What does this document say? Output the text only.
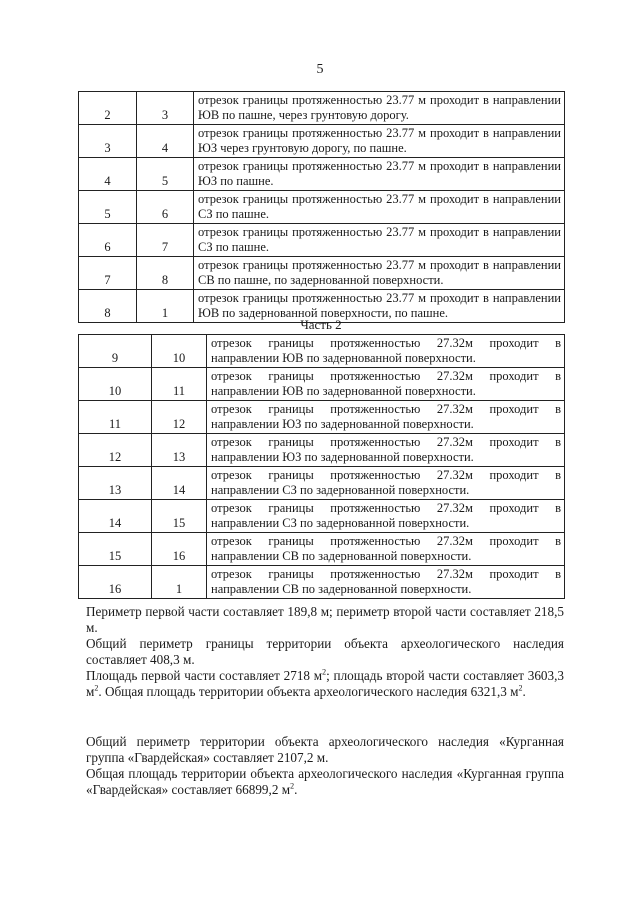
5
2	3	отрезок границы протяженностью 23.77 м проходит в направлении ЮВ по пашне, через грунтовую дорогу.
3	4	отрезок границы протяженностью 23.77 м проходит в направлении ЮЗ через грунтовую дорогу, по пашне.
4	5	отрезок границы протяженностью 23.77 м проходит в направлении ЮЗ по пашне.
5	6	отрезок границы протяженностью 23.77 м проходит в направлении СЗ по пашне.
6	7	отрезок границы протяженностью 23.77 м проходит в направлении СЗ по пашне.
7	8	отрезок границы протяженностью 23.77 м проходит в направлении СВ по пашне, по задернованной поверхности.
8	1	отрезок границы протяженностью 23.77 м проходит в направлении ЮВ по задернованной поверхности, по пашне.
Часть 2
9	10	отрезок границы протяженностью 27.32м проходит в направлении ЮВ по задернованной поверхности.
10	11	отрезок границы протяженностью 27.32м проходит в направлении ЮВ по задернованной поверхности.
11	12	отрезок границы протяженностью 27.32м проходит в направлении ЮЗ по задернованной поверхности.
12	13	отрезок границы протяженностью 27.32м проходит в направлении ЮЗ по задернованной поверхности.
13	14	отрезок границы протяженностью 27.32м проходит в направлении СЗ по задернованной поверхности.
14	15	отрезок границы протяженностью 27.32м проходит в направлении СЗ по задернованной поверхности.
15	16	отрезок границы протяженностью 27.32м проходит в направлении СВ по задернованной поверхности.
16	1	отрезок границы протяженностью 27.32м проходит в направлении СВ по задернованной поверхности.

Периметр первой части составляет 189,8 м; периметр второй части составляет 218,5 м.

Общий периметр границы территории объекта археологического наследия составляет 408,3 м.

Площадь первой части составляет 2718 $м^2$; площадь второй части составляет 3603,3 $м^2$. Общая площадь территории объекта археологического наследия 6321,3 $м^2$.

Общий периметр территории объекта археологического наследия «Курганная группа «Гвардейская» составляет 2107,2 м.

Общая площадь территории объекта археологического наследия «Курганная группа «Гвардейская» составляет 66899,2 $м^2$.
